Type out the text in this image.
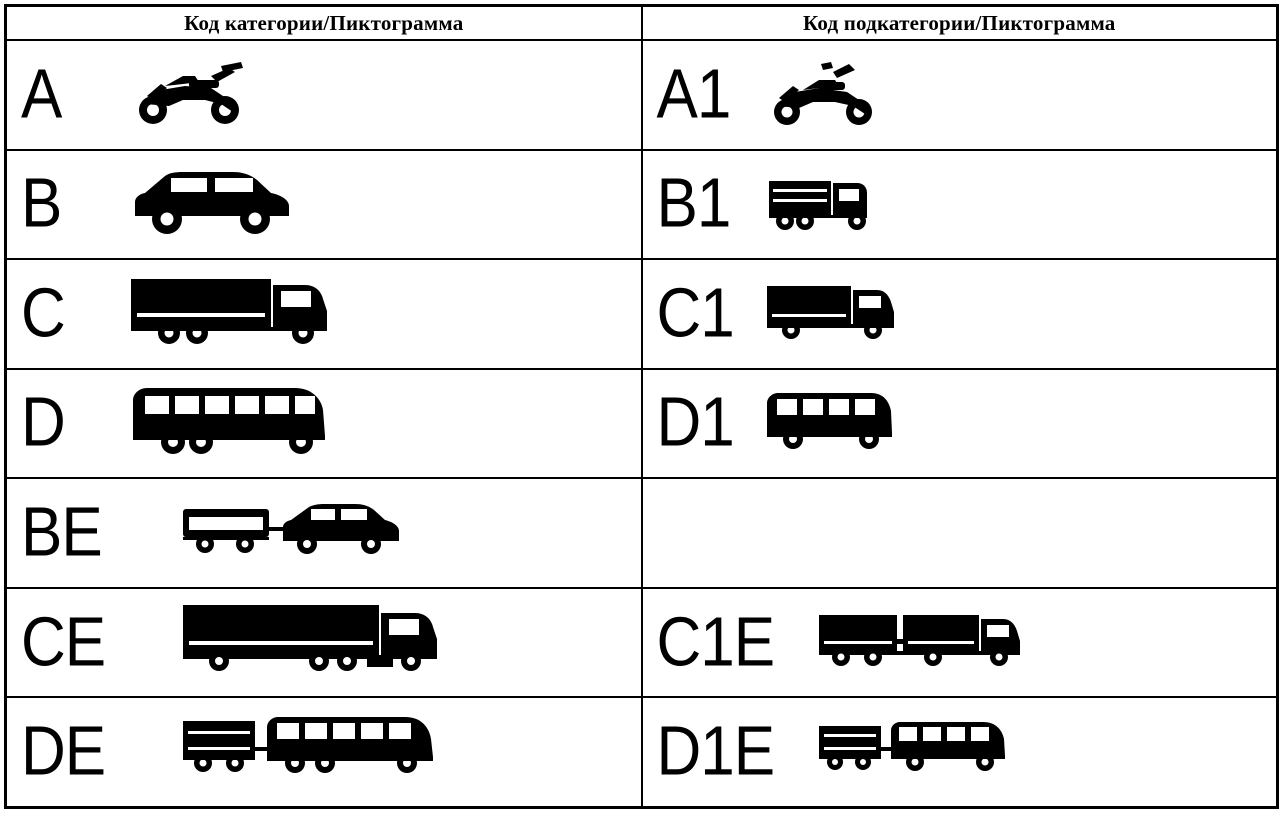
Код категории/Пиктограмма	Код подкатегории/Пиктограмма

A	A1

B	B1

C	C1

D	D1

BE	

CE	C1E

DE	D1E
